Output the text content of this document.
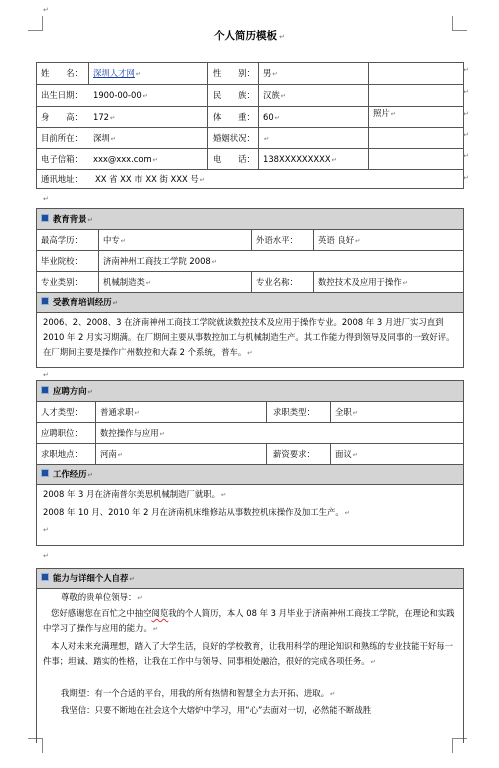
↵
个人简历模板 ↵
姓　　名：	深圳人才网↵	性　　别： 男↵
出生日期：	1900-00-00↵	民　　族： 汉族↵
身　　高：	172↵	体　　重： 60↵
目前所在：	深圳↵	婚姻状况：	↵
电子信箱：	xxx@xxx.com↵	电　　话： 138XXXXXXXXX↵
照片↵
通讯地址：	XX 省 XX 市 XX 街 XXX 号↵
↵
↵
↵
↵
↵
↵
↵
教育背景↵
最高学历：	中专↵	外语水平：	英语 良好↵
毕业院校：	济南神州工商技工学院 2008↵
专业类别：	机械制造类↵	专业名称：	数控技术及应用于操作↵
受教育培训经历↵
2006、2、2008、3 在济南神州工商技工学院就读数控技术及应用于操作专业。2008 年 3 月进厂实习直到 2010 年 2 月实习期满。在厂期间主要从事数控加工与机械制造生产。其工作能力得到领导及同事的一致好评。在厂期间主要是操作广州数控和大森 2 个系统，普车。↵
↵
应聘方向↵
人才类型：	普通求职↵	求职类型：	全职↵
应聘职位：	数控操作与应用↵
求职地点：	河南↵	薪资要求：	面议↵
工作经历↵
2008 年 3 月在济南普尔美思机械制造厂就职。↵
2008 年 10 月、2010 年 2 月在济南机床维修站从事数控机床操作及加工生产。↵
↵
↵
能力与详细个人自荐↵
尊敬的贵单位领导：↵
您好感谢您在百忙之中抽空阅览我的个人简历，本人 08 年 3 月毕业于济南神州工商技工学院，在理论和实践中学习了操作与应用的能力。↵
本人对未来充满理想，踏入了大学生活，良好的学校教育，让我用科学的理论知识和熟练的专业技能干好每一件事；坦诚、踏实的性格，让我在工作中与领导、同事相处融洽，很好的完成各项任务。↵
我期望：有一个合适的平台，用我的所有热情和智慧全力去开拓、进取。↵
我坚信：只要不断地在社会这个大熔炉中学习，用“心”去面对一切，必然能不断战胜
